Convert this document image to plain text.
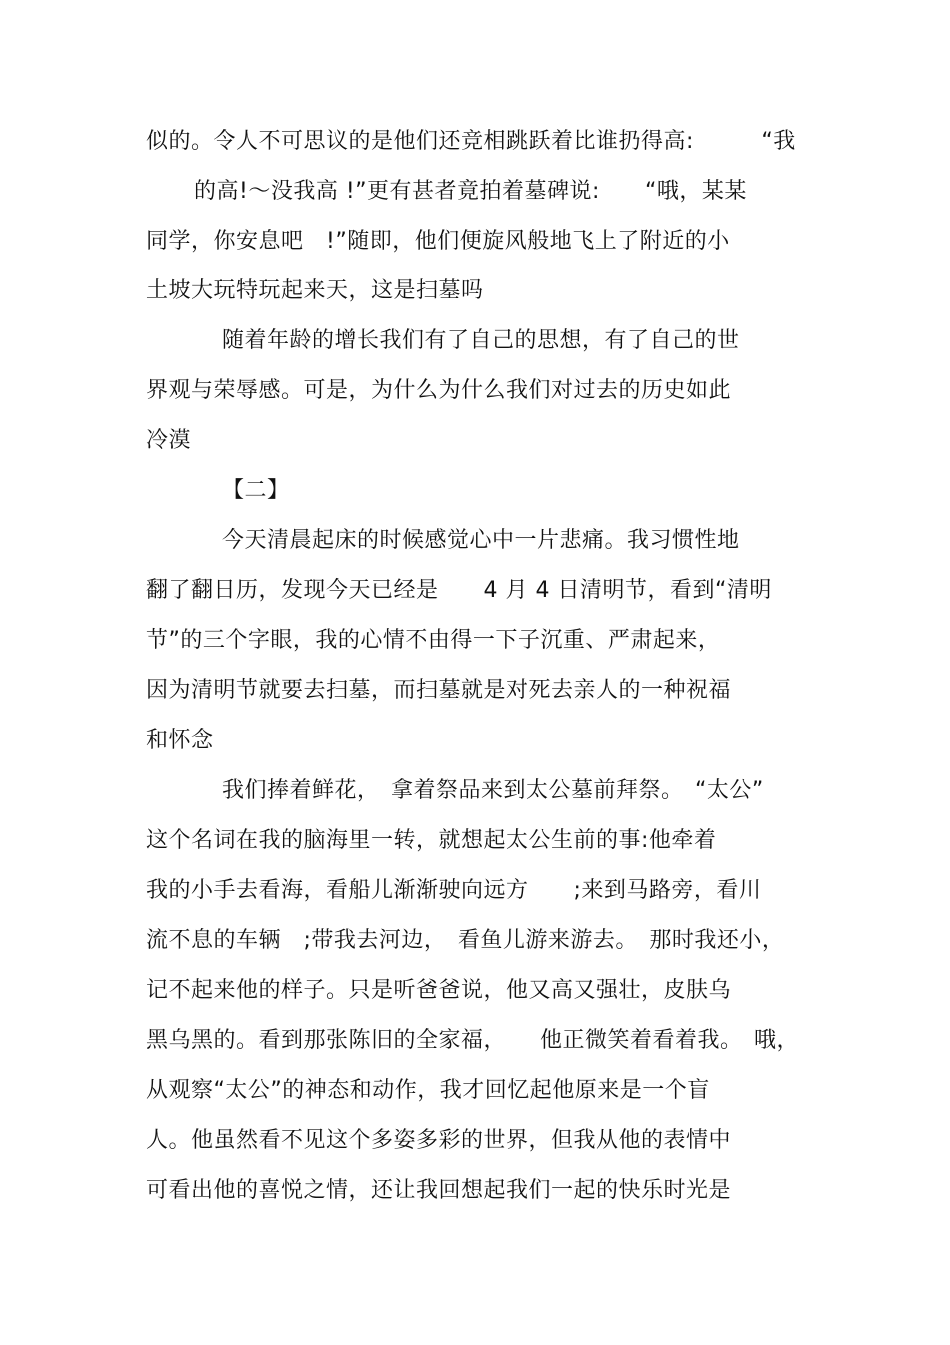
似的。令人不可思议的是他们还竞相跳跃着比谁扔得高:　　　“我
的高!～没我高 !”更有甚者竟拍着墓碑说:　　“哦，某某
同学，你安息吧　!”随即，他们便旋风般地飞上了附近的小
土坡大玩特玩起来天，这是扫墓吗
随着年龄的增长我们有了自己的思想，有了自己的世
界观与荣辱感。可是，为什么为什么我们对过去的历史如此
冷漠
【二】
今天清晨起床的时候感觉心中一片悲痛。我习惯性地
翻了翻日历，发现今天已经是　　4 月 4 日清明节，看到“清明
节”的三个字眼，我的心情不由得一下子沉重、严肃起来，
因为清明节就要去扫墓，而扫墓就是对死去亲人的一种祝福
和怀念
我们捧着鲜花，　拿着祭品来到太公墓前拜祭。　“太公”
这个名词在我的脑海里一转，就想起太公生前的事:他牵着
我的小手去看海，看船儿渐渐驶向远方　　;来到马路旁，看川
流不息的车辆　;带我去河边，　看鱼儿游来游去。　那时我还小，
记不起来他的样子。只是听爸爸说，他又高又强壮，皮肤乌
黑乌黑的。看到那张陈旧的全家福，　　他正微笑着看着我。　哦，
从观察“太公”的神态和动作，我才回忆起他原来是一个盲
人。他虽然看不见这个多姿多彩的世界，但我从他的表情中
可看出他的喜悦之情，还让我回想起我们一起的快乐时光是
